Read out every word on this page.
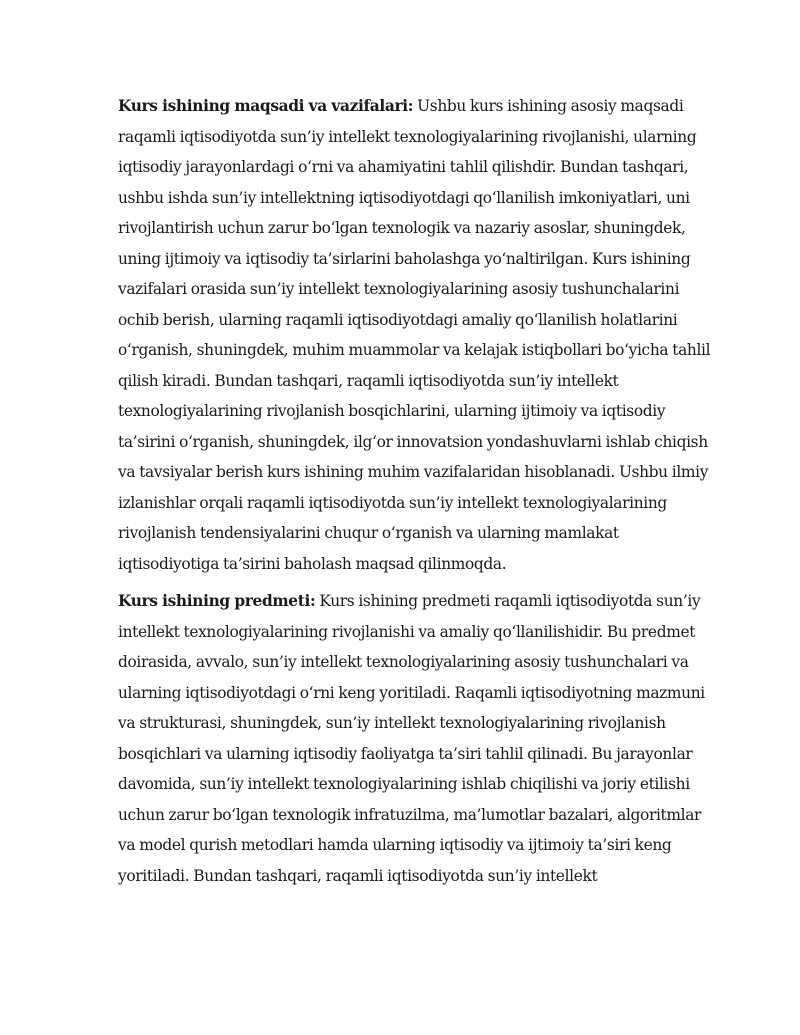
Kurs ishining maqsadi va vazifalari: Ushbu kurs ishining asosiy maqsadi
raqamli iqtisodiyotda sun’iy intellekt texnologiyalarining rivojlanishi, ularning
iqtisodiy jarayonlardagi o‘rni va ahamiyatini tahlil qilishdir. Bundan tashqari,
ushbu ishda sun’iy intellektning iqtisodiyotdagi qo‘llanilish imkoniyatlari, uni
rivojlantirish uchun zarur bo‘lgan texnologik va nazariy asoslar, shuningdek,
uning ijtimoiy va iqtisodiy ta’sirlarini baholashga yo‘naltirilgan. Kurs ishining
vazifalari orasida sun’iy intellekt texnologiyalarining asosiy tushunchalarini
ochib berish, ularning raqamli iqtisodiyotdagi amaliy qo‘llanilish holatlarini
o‘rganish, shuningdek, muhim muammolar va kelajak istiqbollari bo‘yicha tahlil
qilish kiradi. Bundan tashqari, raqamli iqtisodiyotda sun’iy intellekt
texnologiyalarining rivojlanish bosqichlarini, ularning ijtimoiy va iqtisodiy
ta’sirini o‘rganish, shuningdek, ilg‘or innovatsion yondashuvlarni ishlab chiqish
va tavsiyalar berish kurs ishining muhim vazifalaridan hisoblanadi. Ushbu ilmiy
izlanishlar orqali raqamli iqtisodiyotda sun’iy intellekt texnologiyalarining
rivojlanish tendensiyalarini chuqur o‘rganish va ularning mamlakat
iqtisodiyotiga ta’sirini baholash maqsad qilinmoqda.

Kurs ishining predmeti: Kurs ishining predmeti raqamli iqtisodiyotda sun’iy
intellekt texnologiyalarining rivojlanishi va amaliy qo‘llanilishidir. Bu predmet
doirasida, avvalo, sun’iy intellekt texnologiyalarining asosiy tushunchalari va
ularning iqtisodiyotdagi o‘rni keng yoritiladi. Raqamli iqtisodiyotning mazmuni
va strukturasi, shuningdek, sun’iy intellekt texnologiyalarining rivojlanish
bosqichlari va ularning iqtisodiy faoliyatga ta’siri tahlil qilinadi. Bu jarayonlar
davomida, sun’iy intellekt texnologiyalarining ishlab chiqilishi va joriy etilishi
uchun zarur bo‘lgan texnologik infratuzilma, ma’lumotlar bazalari, algoritmlar
va model qurish metodlari hamda ularning iqtisodiy va ijtimoiy ta’siri keng
yoritiladi. Bundan tashqari, raqamli iqtisodiyotda sun’iy intellekt
